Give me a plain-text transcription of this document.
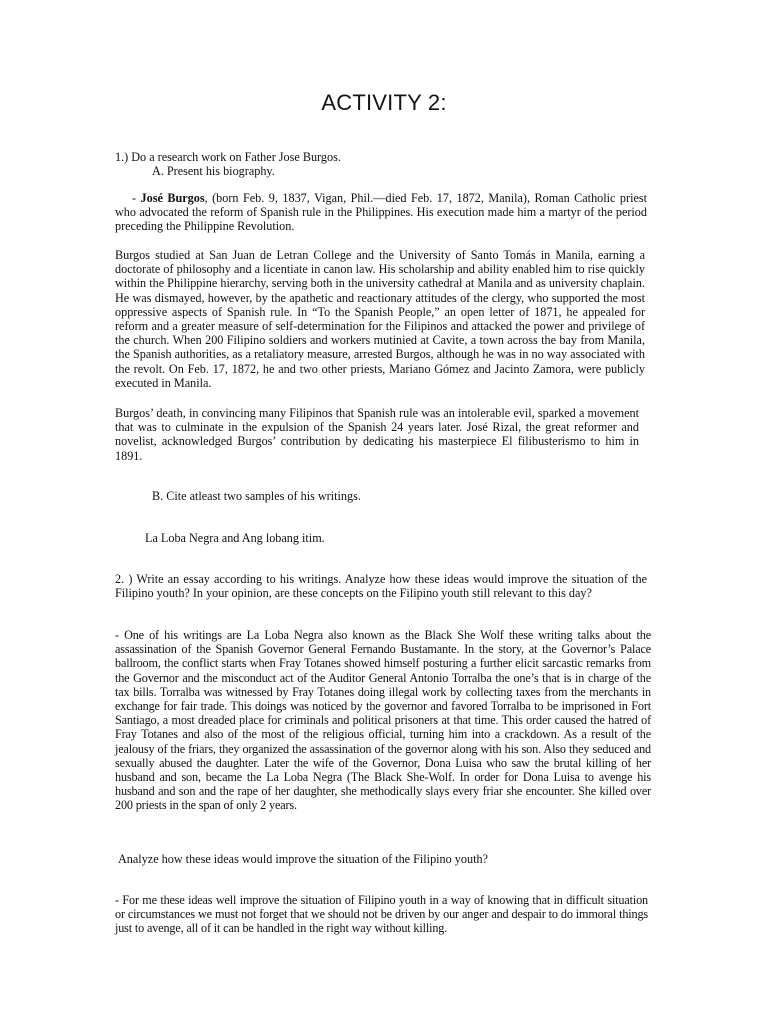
ACTIVITY 2:
1.) Do a research work on Father Jose Burgos.
A. Present his biography.
- José Burgos, (born Feb. 9, 1837, Vigan, Phil.—died Feb. 17, 1872, Manila), Roman Catholic priest who advocated the reform of Spanish rule in the Philippines. His execution made him a martyr of the period preceding the Philippine Revolution.
Burgos studied at San Juan de Letran College and the University of Santo Tomás in Manila, earning a doctorate of philosophy and a licentiate in canon law. His scholarship and ability enabled him to rise quickly within the Philippine hierarchy, serving both in the university cathedral at Manila and as university chaplain. He was dismayed, however, by the apathetic and reactionary attitudes of the clergy, who supported the most oppressive aspects of Spanish rule. In “To the Spanish People,” an open letter of 1871, he appealed for reform and a greater measure of self-determination for the Filipinos and attacked the power and privilege of the church. When 200 Filipino soldiers and workers mutinied at Cavite, a town across the bay from Manila, the Spanish authorities, as a retaliatory measure, arrested Burgos, although he was in no way associated with the revolt. On Feb. 17, 1872, he and two other priests, Mariano Gómez and Jacinto Zamora, were publicly executed in Manila.
Burgos’ death, in convincing many Filipinos that Spanish rule was an intolerable evil, sparked a movement that was to culminate in the expulsion of the Spanish 24 years later. José Rizal, the great reformer and novelist, acknowledged Burgos’ contribution by dedicating his masterpiece El filibusterismo to him in 1891.
B. Cite atleast two samples of his writings.
La Loba Negra and Ang lobang itim.
2. ) Write an essay according to his writings. Analyze how these ideas would improve the situation of the Filipino youth? In your opinion, are these concepts on the Filipino youth still relevant to this day?
- One of his writings are La Loba Negra also known as the Black She Wolf these writing talks about the assassination of the Spanish Governor General Fernando Bustamante. In the story, at the Governor’s Palace ballroom, the conflict starts when Fray Totanes showed himself posturing a further elicit sarcastic remarks from the Governor and the misconduct act of the Auditor General Antonio Torralba the one’s that is in charge of the tax bills. Torralba was witnessed by Fray Totanes doing illegal work by collecting taxes from the merchants in exchange for fair trade. This doings was noticed by the governor and favored Torralba to be imprisoned in Fort Santiago, a most dreaded place for criminals and political prisoners at that time. This order caused the hatred of Fray Totanes and also of the most of the religious official, turning him into a crackdown. As a result of the jealousy of the friars, they organized the assassination of the governor along with his son. Also they seduced and sexually abused the daughter. Later the wife of the Governor, Dona Luisa who saw the brutal killing of her husband and son, became the La Loba Negra (The Black She-Wolf. In order for Dona Luisa to avenge his husband and son and the rape of her daughter, she methodically slays every friar she encounter. She killed over 200 priests in the span of only 2 years.
Analyze how these ideas would improve the situation of the Filipino youth?
- For me these ideas well improve the situation of Filipino youth in a way of knowing that in difficult situation or circumstances we must not forget that we should not be driven by our anger and despair to do immoral things just to avenge, all of it can be handled in the right way without killing.
